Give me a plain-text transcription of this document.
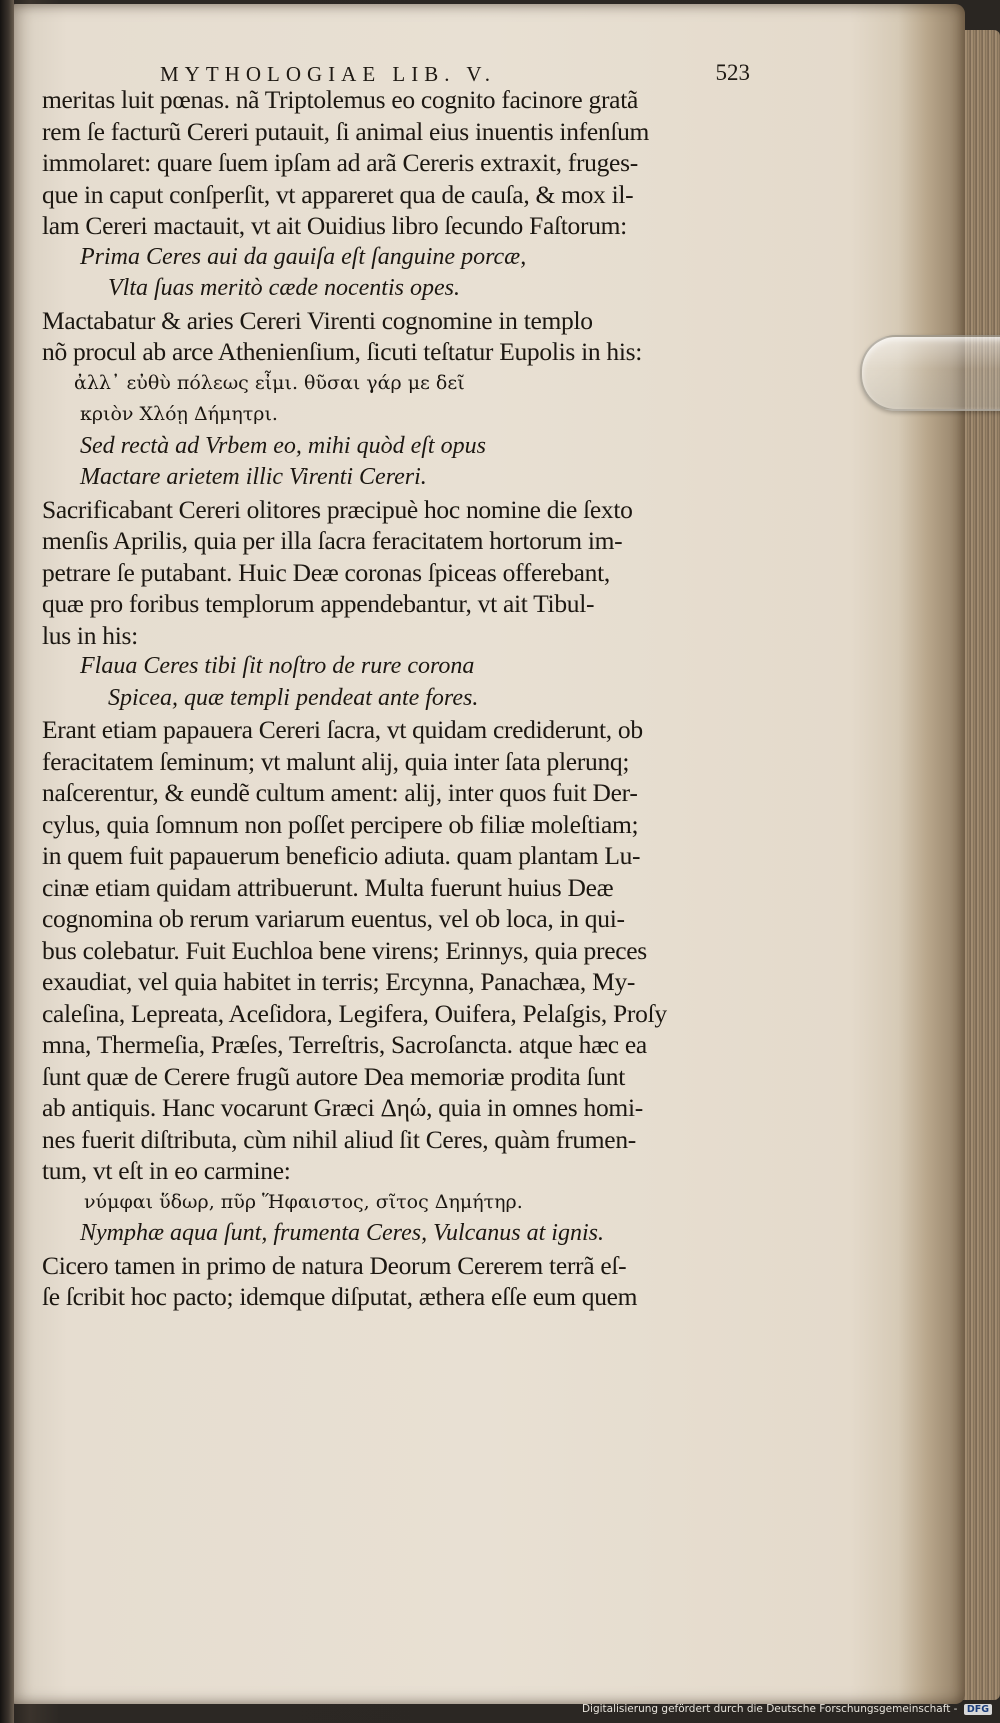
MYTHOLOGIAE LIB. V.	523
meritas luit pœnas. nã Triptolemus eo cognito facinore gratã
rem ſe facturũ Cereri putauit, ſi animal eius inuentis infenſum
immolaret: quare ſuem ipſam ad arã Cereris extraxit, fruges-
que in caput conſperſit, vt appareret qua de cauſa, & mox il-
lam Cereri mactauit, vt ait Ouidius libro ſecundo Faſtorum:
Prima Ceres aui da gauiſa eſt ſanguine porcæ,
Vlta ſuas meritò cæde nocentis opes.
Mactabatur & aries Cereri Virenti cognomine in templo
nõ procul ab arce Athenienſium, ſicuti teſtatur Eupolis in his:
ἀλλ᾽ εὐθὺ πόλεως εἶμι. θῦσαι γάρ με δεῖ
κριὸν Χλόῃ Δήμητρι.
Sed rectà ad Vrbem eo, mihi quòd eſt opus
Mactare arietem illic Virenti Cereri.
Sacrificabant Cereri olitores præcipuè hoc nomine die ſexto
menſis Aprilis, quia per illa ſacra feracitatem hortorum im-
petrare ſe putabant. Huic Deæ coronas ſpiceas offerebant,
quæ pro foribus templorum appendebantur, vt ait Tibul-
lus in his:
Flaua Ceres tibi ſit noſtro de rure corona
Spicea, quæ templi pendeat ante fores.
Erant etiam papauera Cereri ſacra, vt quidam crediderunt, ob
feracitatem ſeminum; vt malunt alij, quia inter ſata plerunq;
naſcerentur, & eundẽ cultum ament: alij, inter quos fuit Der-
cylus, quia ſomnum non poſſet percipere ob filiæ moleſtiam;
in quem fuit papauerum beneficio adiuta. quam plantam Lu-
cinæ etiam quidam attribuerunt. Multa fuerunt huius Deæ
cognomina ob rerum variarum euentus, vel ob loca, in qui-
bus colebatur. Fuit Euchloa bene virens; Erinnys, quia preces
exaudiat, vel quia habitet in terris; Ercynna, Panachæa, My-
caleſina, Lepreata, Aceſidora, Legifera, Ouifera, Pelaſgis, Proſy
mna, Thermeſia, Præſes, Terreſtris, Sacroſancta. atque hæc ea
ſunt quæ de Cerere frugũ autore Dea memoriæ prodita ſunt
ab antiquis. Hanc vocarunt Græci Δηώ, quia in omnes homi-
nes fuerit diſtributa, cùm nihil aliud ſit Ceres, quàm frumen-
tum, vt eſt in eo carmine:
νύμφαι ὕδωρ, πῦρ Ἥφαιστος, σῖτος Δημήτηρ.
Nymphæ aqua ſunt, frumenta Ceres, Vulcanus at ignis.
Cicero tamen in primo de natura Deorum Cererem terrã eſ-
ſe ſcribit hoc pacto; idemque diſputat, æthera eſſe eum quem
Digitalisierung gefördert durch die Deutsche Forschungsgemeinschaft - DFG
